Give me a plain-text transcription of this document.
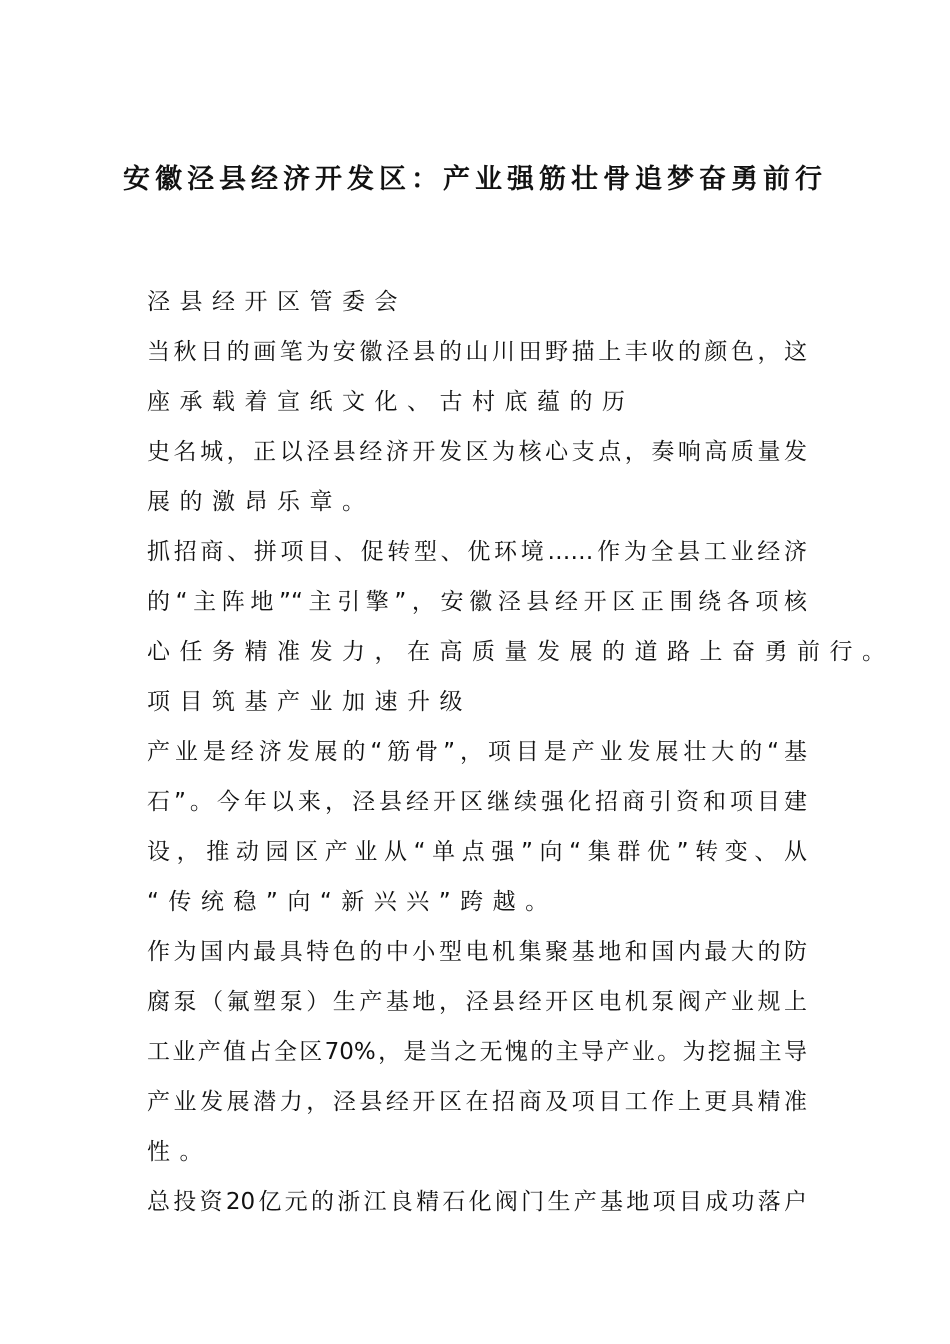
安徽泾县经济开发区：产业强筋壮骨追梦奋勇前行
泾县经开区管委会
当秋日的画笔为安徽泾县的山川田野描上丰收的颜色，这
座承载着宣纸文化、古村底蕴的历
史名城，正以泾县经济开发区为核心支点，奏响高质量发
展的激昂乐章。
抓招商、拼项目、促转型、优环境……作为全县工业经济
的“主阵地”“主引擎”，安徽泾县经开区正围绕各项核
心任务精准发力，在高质量发展的道路上奋勇前行。
项目筑基产业加速升级
产业是经济发展的“筋骨”，项目是产业发展壮大的“基
石”。今年以来，泾县经开区继续强化招商引资和项目建
设，推动园区产业从“单点强”向“集群优”转变、从
“传统稳”向“新兴兴”跨越。
作为国内最具特色的中小型电机集聚基地和国内最大的防
腐泵（氟塑泵）生产基地，泾县经开区电机泵阀产业规上
工业产值占全区70%，是当之无愧的主导产业。为挖掘主导
产业发展潜力，泾县经开区在招商及项目工作上更具精准
性。
总投资20亿元的浙江良精石化阀门生产基地项目成功落户
